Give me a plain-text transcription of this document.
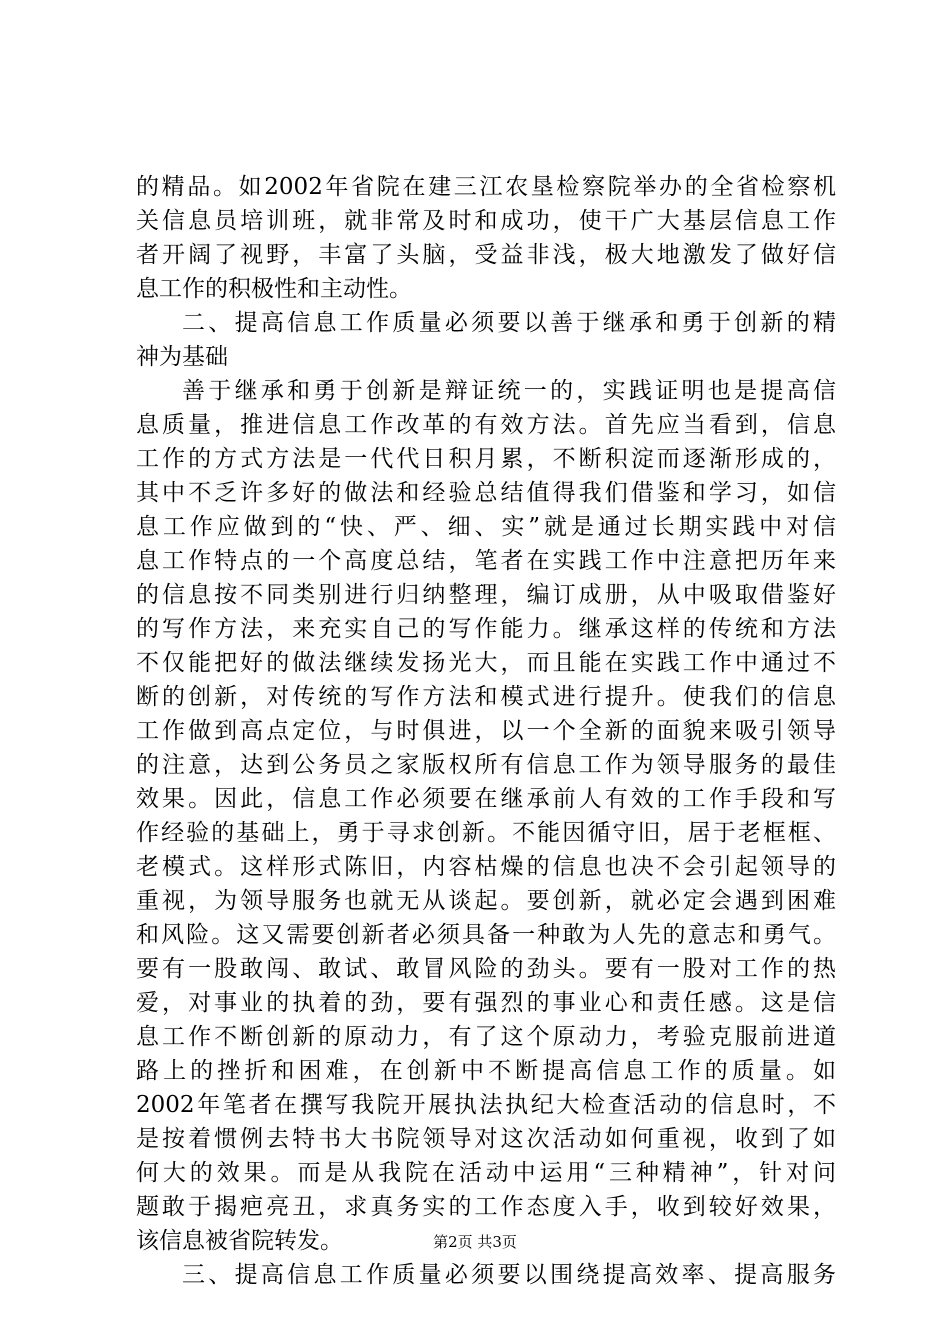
的精品。如2002年省院在建三江农垦检察院举办的全省检察机
关信息员培训班，就非常及时和成功，使干广大基层信息工作
者开阔了视野，丰富了头脑，受益非浅，极大地激发了做好信
息工作的积极性和主动性。
二、提高信息工作质量必须要以善于继承和勇于创新的精
神为基础
善于继承和勇于创新是辩证统一的，实践证明也是提高信
息质量，推进信息工作改革的有效方法。首先应当看到，信息
工作的方式方法是一代代日积月累，不断积淀而逐渐形成的，
其中不乏许多好的做法和经验总结值得我们借鉴和学习，如信
息工作应做到的“快、严、细、实”就是通过长期实践中对信
息工作特点的一个高度总结，笔者在实践工作中注意把历年来
的信息按不同类别进行归纳整理，编订成册，从中吸取借鉴好
的写作方法，来充实自己的写作能力。继承这样的传统和方法
不仅能把好的做法继续发扬光大，而且能在实践工作中通过不
断的创新，对传统的写作方法和模式进行提升。使我们的信息
工作做到高点定位，与时俱进，以一个全新的面貌来吸引领导
的注意，达到公务员之家版权所有信息工作为领导服务的最佳
效果。因此，信息工作必须要在继承前人有效的工作手段和写
作经验的基础上，勇于寻求创新。不能因循守旧，居于老框框、
老模式。这样形式陈旧，内容枯燥的信息也决不会引起领导的
重视，为领导服务也就无从谈起。要创新，就必定会遇到困难
和风险。这又需要创新者必须具备一种敢为人先的意志和勇气。
要有一股敢闯、敢试、敢冒风险的劲头。要有一股对工作的热
爱，对事业的执着的劲，要有强烈的事业心和责任感。这是信
息工作不断创新的原动力，有了这个原动力，考验克服前进道
路上的挫折和困难，在创新中不断提高信息工作的质量。如
2002年笔者在撰写我院开展执法执纪大检查活动的信息时，不
是按着惯例去特书大书院领导对这次活动如何重视，收到了如
何大的效果。而是从我院在活动中运用“三种精神”，针对问
题敢于揭疤亮丑，求真务实的工作态度入手，收到较好效果，
该信息被省院转发。
三、提高信息工作质量必须要以围绕提高效率、提高服务
第2页 共3页
